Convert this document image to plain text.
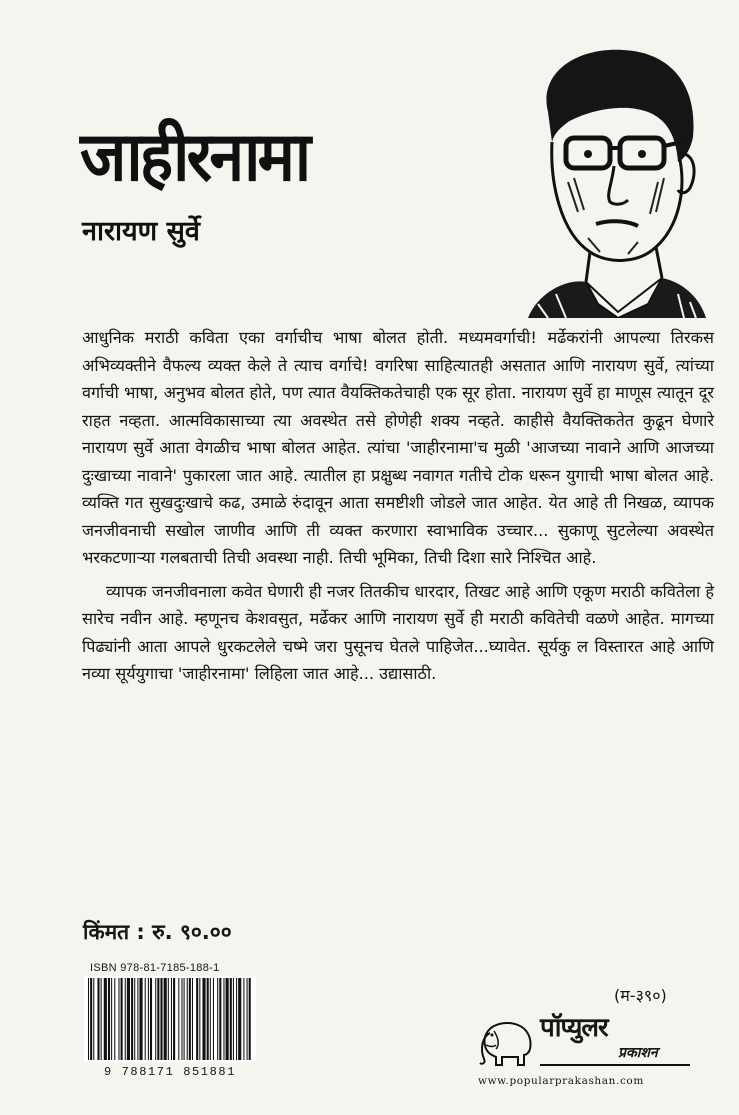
जाहीरनामा
नारायण सुर्वे

आधुनिक मराठी कविता एका वर्गाचीच भाषा बोलत होती. मध्यमवर्गाची! मर्ढेकरांनी आपल्या तिरकस अभिव्यक्तीने वैफल्य व्यक्त केले ते त्याच वर्गाचे! वगरिषा साहित्यातही असतात आणि नारायण सुर्वे, त्यांच्या वर्गाची भाषा, अनुभव बोलत होते, पण त्यात वैयक्तिकतेचाही एक सूर होता. नारायण सुर्वे हा माणूस त्यातून दूर राहत नव्हता. आत्मविकासाच्या त्या अवस्थेत तसे होणेही शक्य नव्हते. काहीसे वैयक्तिकतेत कुढून घेणारे नारायण सुर्वे आता वेगळीच भाषा बोलत आहेत. त्यांचा 'जाहीरनामा'च मुळी 'आजच्या नावाने आणि आजच्या दुःखाच्या नावाने' पुकारला जात आहे. त्यातील हा प्रक्षुब्ध नवागत गतीचे टोक धरून युगाची भाषा बोलत आहे. व्यक्ति गत सुखदुःखाचे कढ, उमाळे रुंदावून आता समष्टीशी जोडले जात आहेत. येत आहे ती निखळ, व्यापक जनजीवनाची सखोल जाणीव आणि ती व्यक्त करणारा स्वाभाविक उच्चार... सुकाणू सुटलेल्या अवस्थेत भरकटणाऱ्या गलबताची तिची अवस्था नाही. तिची भूमिका, तिची दिशा सारे निश्चित आहे.

व्यापक जनजीवनाला कवेत घेणारी ही नजर तितकीच धारदार, तिखट आहे आणि एकूण मराठी कवितेला हे सारेच नवीन आहे. म्हणूनच केशवसुत, मर्ढेकर आणि नारायण सुर्वे ही मराठी कवितेची वळणे आहेत. मागच्या पिढ्यांनी आता आपले धुरकटलेले चष्मे जरा पुसूनच घेतले पाहिजेत...घ्यावेत. सूर्यकु ल विस्तारत आहे आणि नव्या सूर्ययुगाचा 'जाहीरनामा' लिहिला जात आहे... उद्यासाठी.

किंमत : रु. ९०.००
ISBN 978-81-7185-188-1
9 788171 851881
(म-३९०)
पॉप्युलर
प्रकाशन
www.popularprakashan.com
